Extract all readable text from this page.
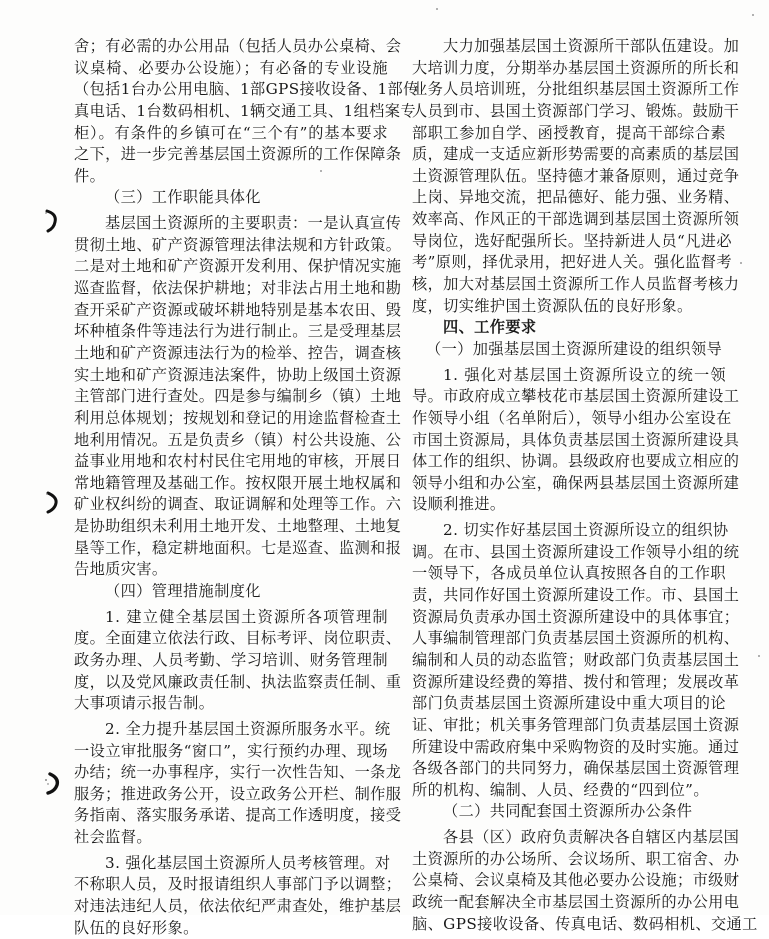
舍；有必需的办公用品（包括人员办公桌椅、会
议桌椅、必要办公设施）；有必备的专业设施
（包括1台办公用电脑、1部GPS接收设备、1部传
真电话、1台数码相机、1辆交通工具、1组档案专
柜）。有条件的乡镇可在“三个有”的基本要求
之下，进一步完善基层国土资源所的工作保障条
件。
（三）工作职能具体化
基层国土资源所的主要职责：一是认真宣传
贯彻土地、矿产资源管理法律法规和方针政策。
二是对土地和矿产资源开发利用、保护情况实施
巡查监督，依法保护耕地；对非法占用土地和勘
查开采矿产资源或破坏耕地特别是基本农田、毁
坏种植条件等违法行为进行制止。三是受理基层
土地和矿产资源违法行为的检举、控告，调查核
实土地和矿产资源违法案件，协助上级国土资源
主管部门进行查处。四是参与编制乡（镇）土地
利用总体规划；按规划和登记的用途监督检查土
地利用情况。五是负责乡（镇）村公共设施、公
益事业用地和农村村民住宅用地的审核，开展日
常地籍管理及基础工作。按权限开展土地权属和
矿业权纠纷的调查、取证调解和处理等工作。六
是协助组织未利用土地开发、土地整理、土地复
垦等工作，稳定耕地面积。七是巡查、监测和报
告地质灾害。
（四）管理措施制度化
1. 建立健全基层国土资源所各项管理制
度。全面建立依法行政、目标考评、岗位职责、
政务办理、人员考勤、学习培训、财务管理制
度，以及党风廉政责任制、执法监察责任制、重
大事项请示报告制。
2. 全力提升基层国土资源所服务水平。统
一设立审批服务“窗口”，实行预约办理、现场
办结；统一办事程序，实行一次性告知、一条龙
服务；推进政务公开，设立政务公开栏、制作服
务指南、落实服务承诺、提高工作透明度，接受
社会监督。
3. 强化基层国土资源所人员考核管理。对
不称职人员，及时报请组织人事部门予以调整；
对违法违纪人员，依法依纪严肃查处，维护基层
队伍的良好形象。
大力加强基层国土资源所干部队伍建设。加
大培训力度，分期举办基层国土资源所的所长和
业务人员培训班，分批组织基层国土资源所工作
人员到市、县国土资源部门学习、锻炼。鼓励干
部职工参加自学、函授教育，提高干部综合素
质，建成一支适应新形势需要的高素质的基层国
土资源管理队伍。坚持德才兼备原则，通过竞争
上岗、异地交流，把品德好、能力强、业务精、
效率高、作风正的干部选调到基层国土资源所领
导岗位，选好配强所长。坚持新进人员“凡进必
考”原则，择优录用，把好进人关。强化监督考
核，加大对基层国土资源所工作人员监督考核力
度，切实维护国土资源队伍的良好形象。
四、工作要求
（一）加强基层国土资源所建设的组织领导
1. 强化对基层国土资源所设立的统一领
导。市政府成立攀枝花市基层国土资源所建设工
作领导小组（名单附后），领导小组办公室设在
市国土资源局，具体负责基层国土资源所建设具
体工作的组织、协调。县级政府也要成立相应的
领导小组和办公室，确保两县基层国土资源所建
设顺利推进。
2. 切实作好基层国土资源所设立的组织协
调。在市、县国土资源所建设工作领导小组的统
一领导下，各成员单位认真按照各自的工作职
责，共同作好国土资源所建设工作。市、县国土
资源局负责承办国土资源所建设中的具体事宜；
人事编制管理部门负责基层国土资源所的机构、
编制和人员的动态监管；财政部门负责基层国土
资源所建设经费的筹措、拨付和管理；发展改革
部门负责基层国土资源所建设中重大项目的论
证、审批；机关事务管理部门负责基层国土资源
所建设中需政府集中采购物资的及时实施。通过
各级各部门的共同努力，确保基层国土资源管理
所的机构、编制、人员、经费的“四到位”。
（二）共同配套国土资源所办公条件
各县（区）政府负责解决各自辖区内基层国
土资源所的办公场所、会议场所、职工宿舍、办
公桌椅、会议桌椅及其他必要办公设施；市级财
政统一配套解决全市基层国土资源所的办公用电
脑、GPS接收设备、传真电话、数码相机、交通工
